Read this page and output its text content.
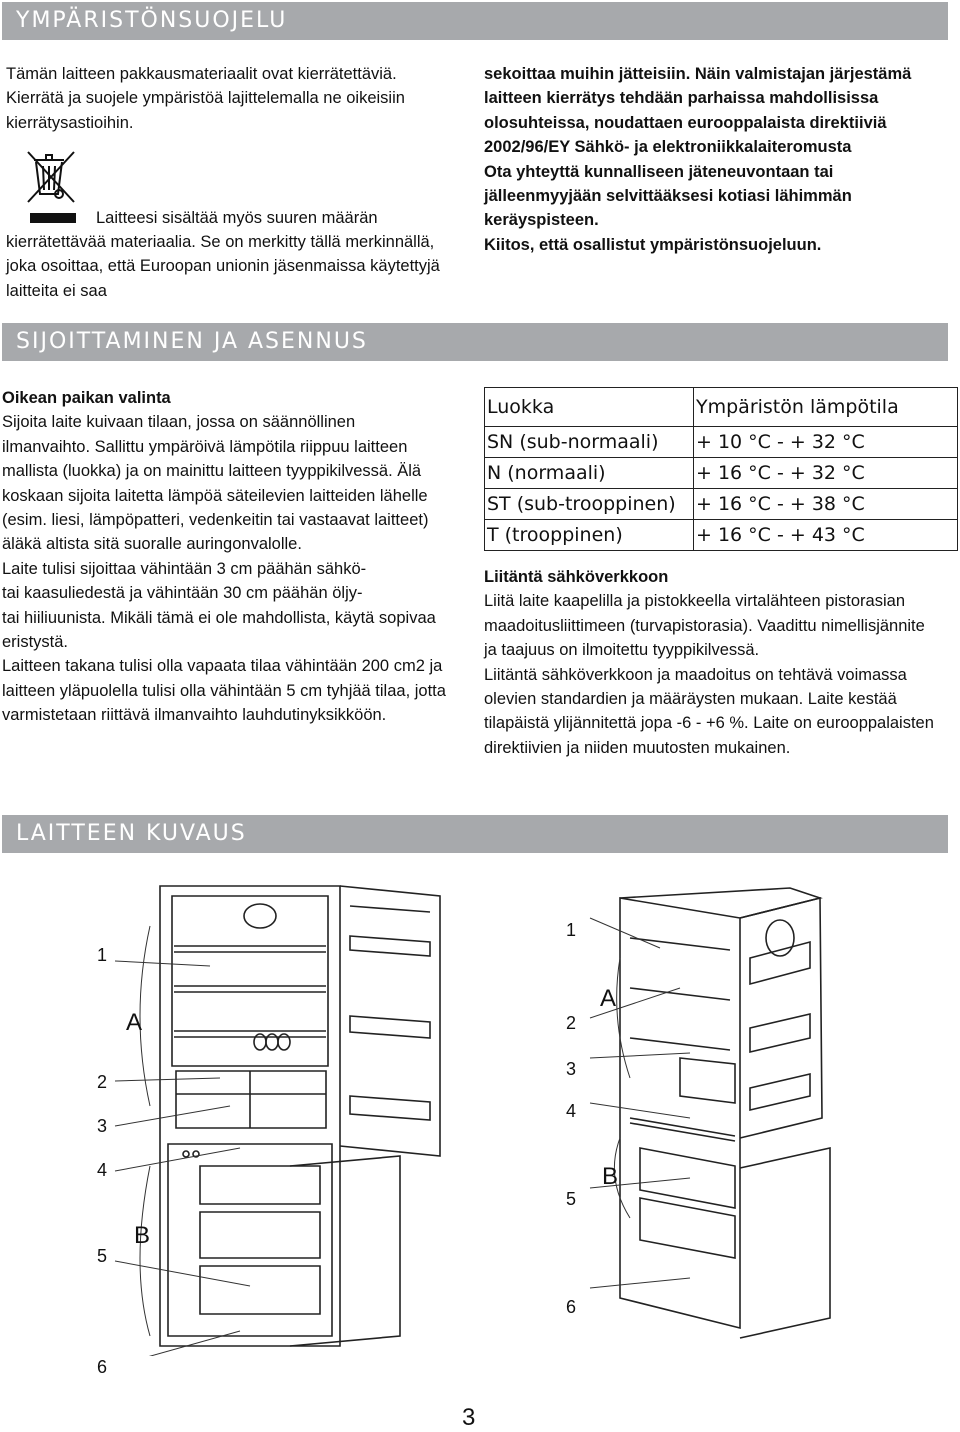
YMPÄRISTÖNSUOJELU

Tämän laitteen pakkausmateriaalit ovat kierrätettäviä. Kierrätä ja suojele ympäristöä lajittelemalla ne oikeisiin kierrätysastioihin.

Laitteesi sisältää myös suuren määrän
kierrätettävää materiaalia. Se on merkitty tällä merkinnällä, joka osoittaa, että Euroopan unionin jäsenmaissa käytettyjä laitteita ei saa

sekoittaa muihin jätteisiin. Näin valmistajan järjestämä laitteen kierrätys tehdään parhaissa mahdollisissa olosuhteissa, noudattaen eurooppalaista direktiiviä

2002/96/EY Sähkö- ja elektroniikkalaiteromusta

Ota yhteyttä kunnalliseen jäteneuvontaan tai jälleenmyyjään selvittääksesi kotiasi lähimmän keräyspisteen.

Kiitos, että osallistut ympäristönsuojeluun.

SIJOITTAMINEN JA ASENNUS

Oikean paikan valinta

Sijoita laite kuivaan tilaan, jossa on säännöllinen ilmanvaihto. Sallittu ympäröivä lämpötila riippuu laitteen mallista (luokka) ja on mainittu laitteen tyyppikilvessä. Älä koskaan sijoita laitetta lämpöä säteilevien laitteiden lähelle (esim. liesi, lämpöpatteri, vedenkeitin tai vastaavat laitteet) äläkä altista sitä suoralle auringonvalolle.

Laite tulisi sijoittaa vähintään 3 cm päähän sähkö-

tai kaasuliedestä ja vähintään 30 cm päähän öljy-

tai hiiliuunista. Mikäli tämä ei ole mahdollista, käytä sopivaa eristystä.

Laitteen takana tulisi olla vapaata tilaa vähintään 200 cm2 ja laitteen yläpuolella tulisi olla vähintään 5 cm tyhjää tilaa, jotta varmistetaan riittävä ilmanvaihto lauhdutinyksikköön.

Luokka	Ympäristön lämpötila
SN (sub-normaali)	+ 10 °C - + 32 °C
N (normaali)	+ 16 °C - + 32 °C
ST (sub-trooppinen)	+ 16 °C - + 38 °C
T (trooppinen)	+ 16 °C - + 43 °C

Liitäntä sähköverkkoon

Liitä laite kaapelilla ja pistokkeella virtalähteen pistorasian maadoitusliittimeen (turvapistorasia). Vaadittu nimellisjännite ja taajuus on ilmoitettu tyyppikilvessä.

Liitäntä sähköverkkoon ja maadoitus on tehtävä voimassa olevien standardien ja määräysten mukaan. Laite kestää tilapäistä ylijännitettä jopa -6 - +6 %. Laite on eurooppalaisten direktiivien ja niiden muutosten mukainen.

LAITTEEN KUVAUS
1
2
3
4
5
6
A
B
1
2
3
4
5
6
A
B
3
